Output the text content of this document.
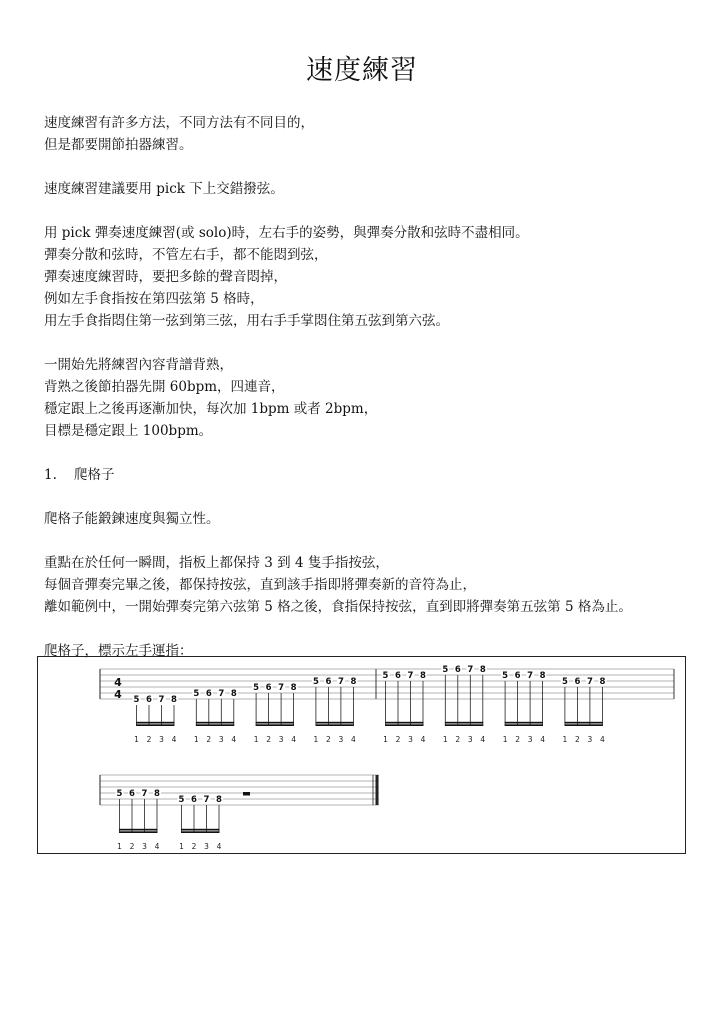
速度練習
速度練習有許多方法，不同方法有不同目的，
但是都要開節拍器練習。
速度練習建議要用 pick 下上交錯撥弦。
用 pick 彈奏速度練習(或 solo)時，左右手的姿勢，與彈奏分散和弦時不盡相同。
彈奏分散和弦時，不管左右手，都不能悶到弦，
彈奏速度練習時，要把多餘的聲音悶掉，
例如左手食指按在第四弦第 5 格時，
用左手食指悶住第一弦到第三弦，用右手手掌悶住第五弦到第六弦。
一開始先將練習內容背譜背熟，
背熟之後節拍器先開 60bpm，四連音，
穩定跟上之後再逐漸加快，每次加 1bpm 或者 2bpm，
目標是穩定跟上 100bpm。
1.    爬格子
爬格子能鍛鍊速度與獨立性。
重點在於任何一瞬間，指板上都保持 3 到 4 隻手指按弦，
每個音彈奏完畢之後，都保持按弦，直到該手指即將彈奏新的音符為止，
離如範例中，一開始彈奏完第六弦第 5 格之後，食指保持按弦，直到即將彈奏第五弦第 5 格為止。
爬格子，標示左手運指：
4
4 5
1
6
2
7
3
8
4
5
1
6
2
7
3
8
4
5
1
6
2
7
3
8
4
5
1
6
2
7
3
8
4
5
1
6
2
7
3
8
4
5
1
6
2
7
3
8
4
5
1
6
2
7
3
8
4
5
1
6
2
7
3
8
4
5
1
6
2
7
3
8
4
5
1
6
2
7
3
8
4
